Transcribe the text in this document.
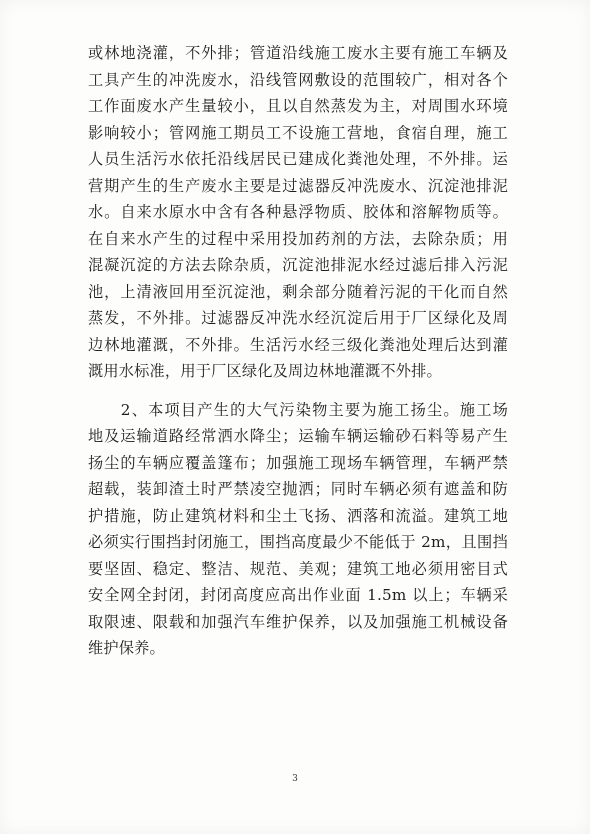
或林地浇灌，不外排；管道沿线施工废水主要有施工车辆及
工具产生的冲洗废水，沿线管网敷设的范围较广，相对各个
工作面废水产生量较小，且以自然蒸发为主，对周围水环境
影响较小；管网施工期员工不设施工营地，食宿自理，施工
人员生活污水依托沿线居民已建成化粪池处理，不外排。运
营期产生的生产废水主要是过滤器反冲洗废水、沉淀池排泥
水。自来水原水中含有各种悬浮物质、胶体和溶解物质等。
在自来水产生的过程中采用投加药剂的方法，去除杂质；用
混凝沉淀的方法去除杂质，沉淀池排泥水经过滤后排入污泥
池，上清液回用至沉淀池，剩余部分随着污泥的干化而自然
蒸发，不外排。过滤器反冲洗水经沉淀后用于厂区绿化及周
边林地灌溉，不外排。生活污水经三级化粪池处理后达到灌
溉用水标准，用于厂区绿化及周边林地灌溉不外排。
　　2、本项目产生的大气污染物主要为施工扬尘。施工场
地及运输道路经常洒水降尘；运输车辆运输砂石料等易产生
扬尘的车辆应覆盖篷布；加强施工现场车辆管理，车辆严禁
超载，装卸渣土时严禁凌空抛洒；同时车辆必须有遮盖和防
护措施，防止建筑材料和尘土飞扬、洒落和流溢。建筑工地
必须实行围挡封闭施工，围挡高度最少不能低于 2m，且围挡
要坚固、稳定、整洁、规范、美观；建筑工地必须用密目式
安全网全封闭，封闭高度应高出作业面 1.5m 以上；车辆采
取限速、限载和加强汽车维护保养，以及加强施工机械设备
维护保养。
3
